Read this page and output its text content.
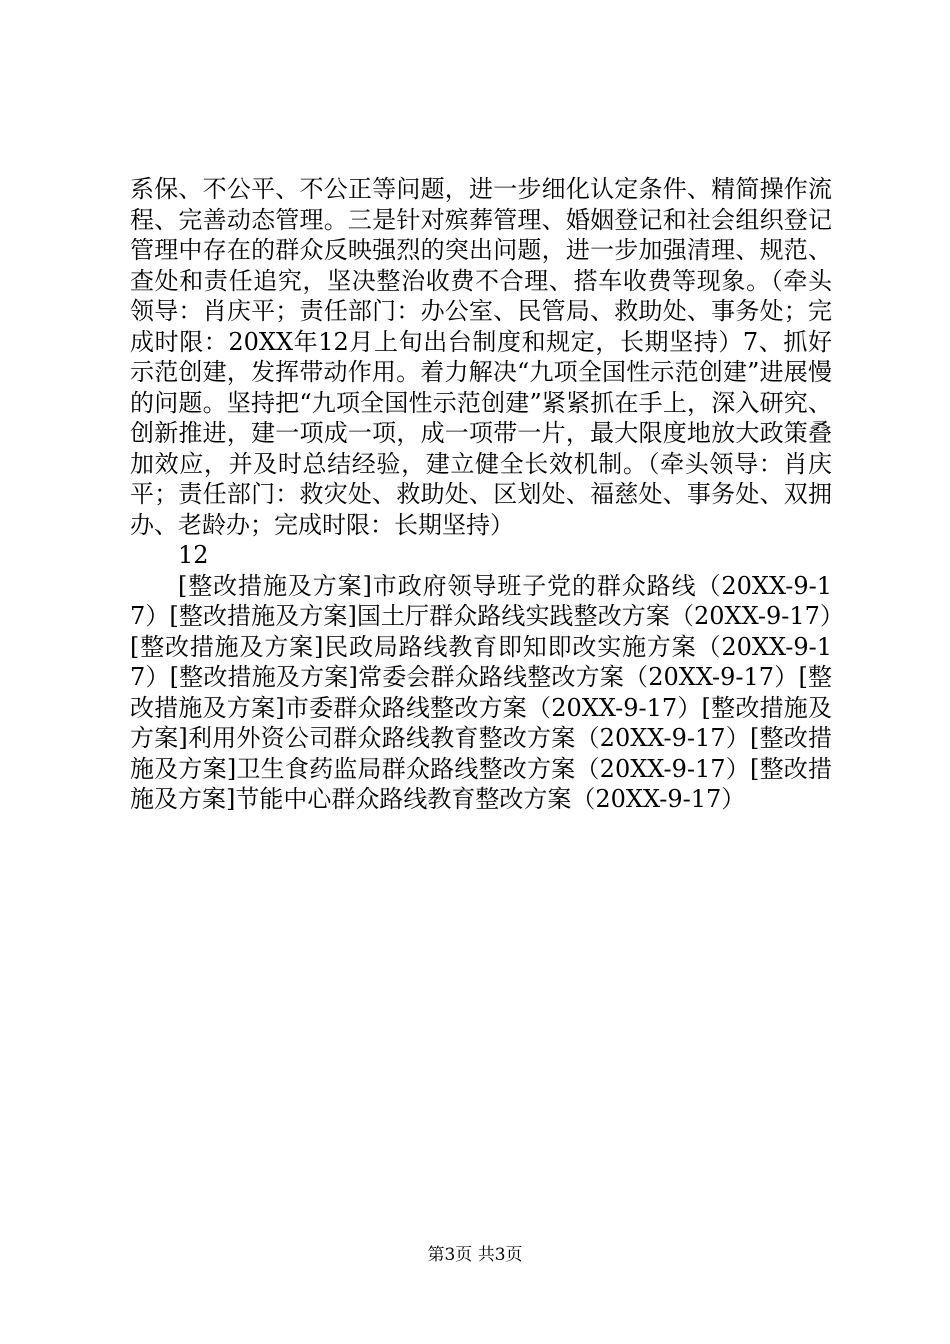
系保、不公平、不公正等问题，进一步细化认定条件、精简操作流程、完善动态管理。三是针对殡葬管理、婚姻登记和社会组织登记管理中存在的群众反映强烈的突出问题，进一步加强清理、规范、查处和责任追究，坚决整治收费不合理、搭车收费等现象。（牵头领导：肖庆平；责任部门：办公室、民管局、救助处、事务处；完成时限：20XX年12月上旬出台制度和规定，长期坚持）7、抓好示范创建，发挥带动作用。着力解决“九项全国性示范创建”进展慢的问题。坚持把“九项全国性示范创建”紧紧抓在手上，深入研究、创新推进，建一项成一项，成一项带一片，最大限度地放大政策叠加效应，并及时总结经验，建立健全长效机制。（牵头领导：肖庆平；责任部门：救灾处、救助处、区划处、福慈处、事务处、双拥办、老龄办；完成时限：长期坚持）

12

[整改措施及方案]市政府领导班子党的群众路线（20XX-9-17）[整改措施及方案]国土厅群众路线实践整改方案（20XX-9-17）[整改措施及方案]民政局路线教育即知即改实施方案（20XX-9-17）[整改措施及方案]常委会群众路线整改方案（20XX-9-17）[整改措施及方案]市委群众路线整改方案（20XX-9-17）[整改措施及方案]利用外资公司群众路线教育整改方案（20XX-9-17）[整改措施及方案]卫生食药监局群众路线整改方案（20XX-9-17）[整改措施及方案]节能中心群众路线教育整改方案（20XX-9-17）

第3页 共3页
